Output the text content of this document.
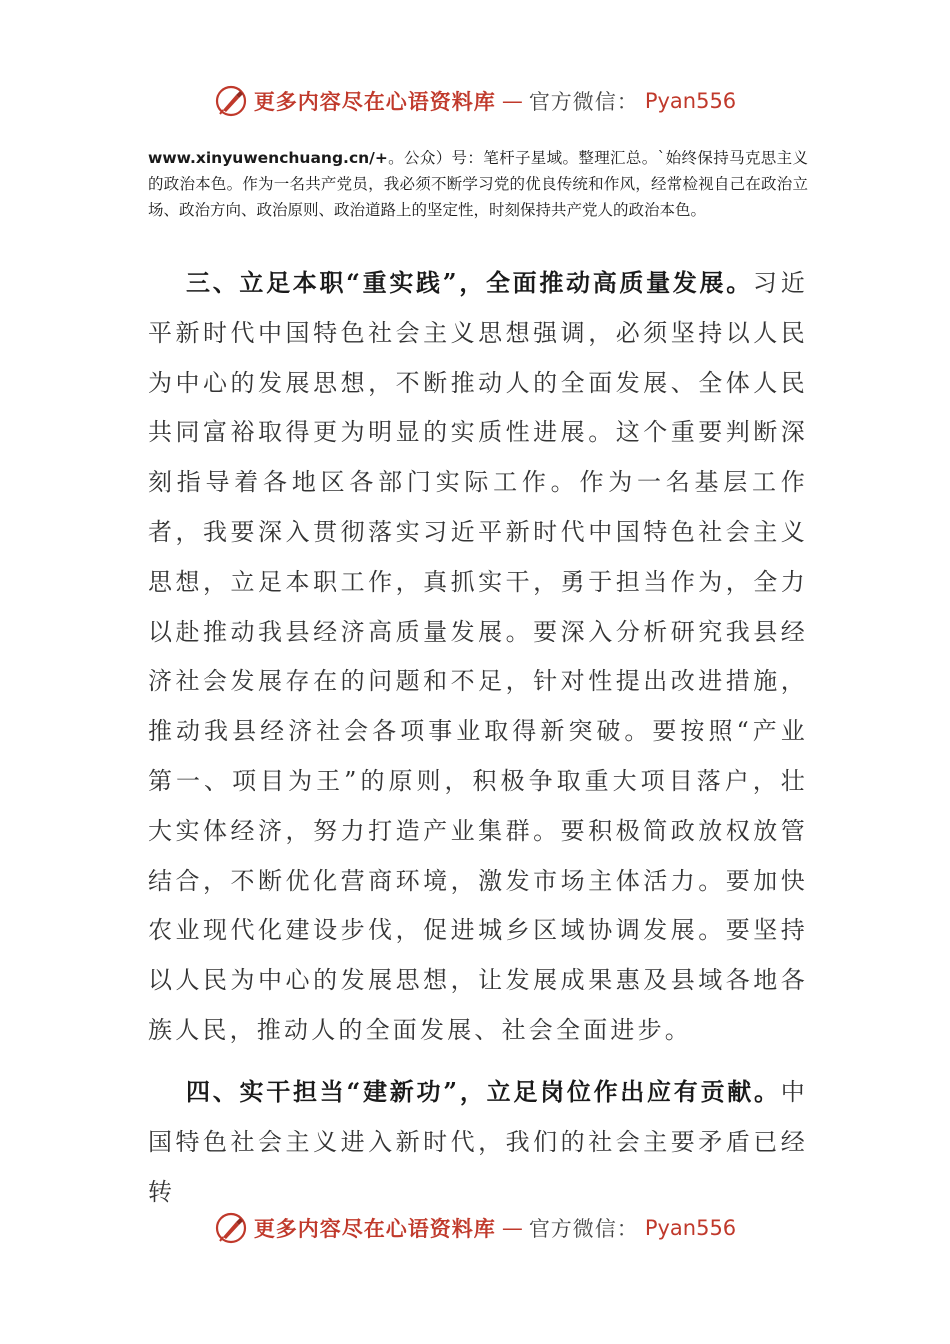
更多内容尽在心语资料库 — 官方微信： Pyan556
www.xinyuwenchuang.cn/+。公众）号：笔杆子星域。整理汇总。`始终保持马克思主义的政治本色。作为一名共产党员，我必须不断学习党的优良传统和作风，经常检视自己在政治立场、政治方向、政治原则、政治道路上的坚定性，时刻保持共产党人的政治本色。
三、立足本职“重实践”，全面推动高质量发展。习近平新时代中国特色社会主义思想强调，必须坚持以人民为中心的发展思想，不断推动人的全面发展、全体人民共同富裕取得更为明显的实质性进展。这个重要判断深刻指导着各地区各部门实际工作。作为一名基层工作者，我要深入贯彻落实习近平新时代中国特色社会主义思想，立足本职工作，真抓实干，勇于担当作为，全力以赴推动我县经济高质量发展。要深入分析研究我县经济社会发展存在的问题和不足，针对性提出改进措施，推动我县经济社会各项事业取得新突破。要按照“产业第一、项目为王”的原则，积极争取重大项目落户，壮大实体经济，努力打造产业集群。要积极简政放权放管结合，不断优化营商环境，激发市场主体活力。要加快农业现代化建设步伐，促进城乡区域协调发展。要坚持以人民为中心的发展思想，让发展成果惠及县域各地各族人民，推动人的全面发展、社会全面进步。
四、实干担当“建新功”，立足岗位作出应有贡献。中国特色社会主义进入新时代，我们的社会主要矛盾已经转
更多内容尽在心语资料库 — 官方微信： Pyan556
